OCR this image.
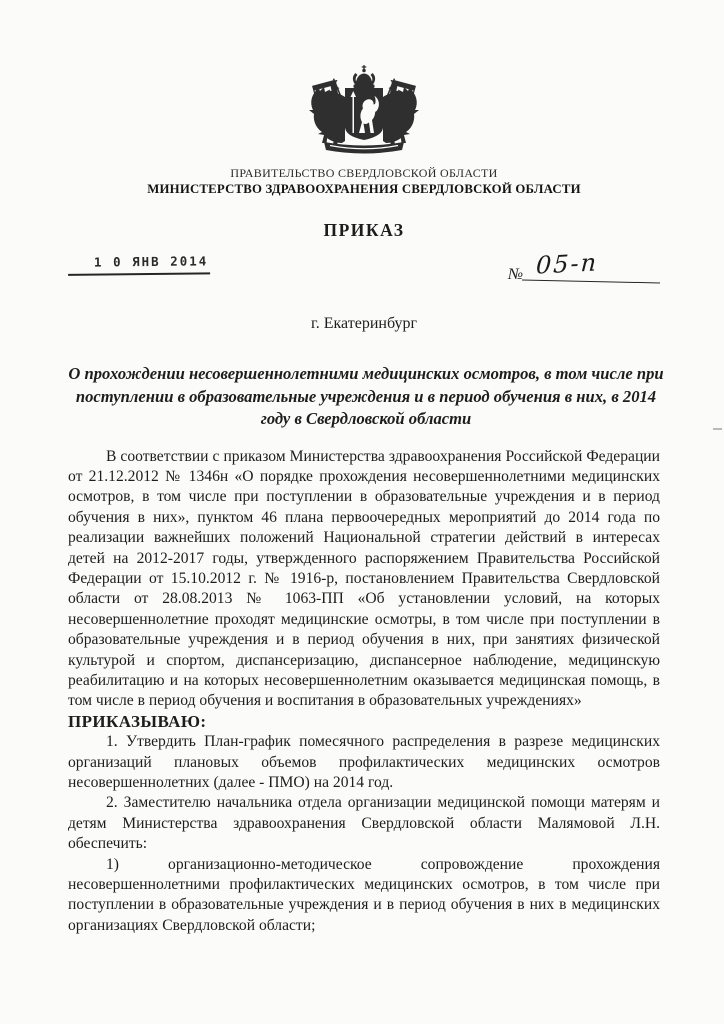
ПРАВИТЕЛЬСТВО СВЕРДЛОВСКОЙ ОБЛАСТИ
МИНИСТЕРСТВО ЗДРАВООХРАНЕНИЯ СВЕРДЛОВСКОЙ ОБЛАСТИ
ПРИКАЗ
1 0 ЯНВ 2014
№ 05-п
г. Екатеринбург
О прохождении несовершеннолетними медицинских осмотров, в том числе при поступлении в образовательные учреждения и в период обучения в них, в 2014 году в Свердловской области

В соответствии с приказом Министерства здравоохранения Российской Федерации от 21.12.2012 № 1346н «О порядке прохождения несовершеннолетними медицинских осмотров, в том числе при поступлении в образовательные учреждения и в период обучения в них», пунктом 46 плана первоочередных мероприятий до 2014 года по реализации важнейших положений Национальной стратегии действий в интересах детей на 2012-2017 годы, утвержденного распоряжением Правительства Российской Федерации от 15.10.2012 г. № 1916-р, постановлением Правительства Свердловской области от 28.08.2013 № 1063-ПП «Об установлении условий, на которых несовершеннолетние проходят медицинские осмотры, в том числе при поступлении в образовательные учреждения и в период обучения в них, при занятиях физической культурой и спортом, диспансеризацию, диспансерное наблюдение, медицинскую реабилитацию и на которых несовершеннолетним оказывается медицинская помощь, в том числе в период обучения и воспитания в образовательных учреждениях»

ПРИКАЗЫВАЮ:

1. Утвердить План-график помесячного распределения в разрезе медицинских организаций плановых объемов профилактических медицинских осмотров несовершеннолетних (далее - ПМО) на 2014 год.

2. Заместителю начальника отдела организации медицинской помощи матерям и детям Министерства здравоохранения Свердловской области Малямовой Л.Н. обеспечить:

1) организационно-методическое сопровождение прохождения несовершеннолетними профилактических медицинских осмотров, в том числе при поступлении в образовательные учреждения и в период обучения в них в медицинских организациях Свердловской области;
